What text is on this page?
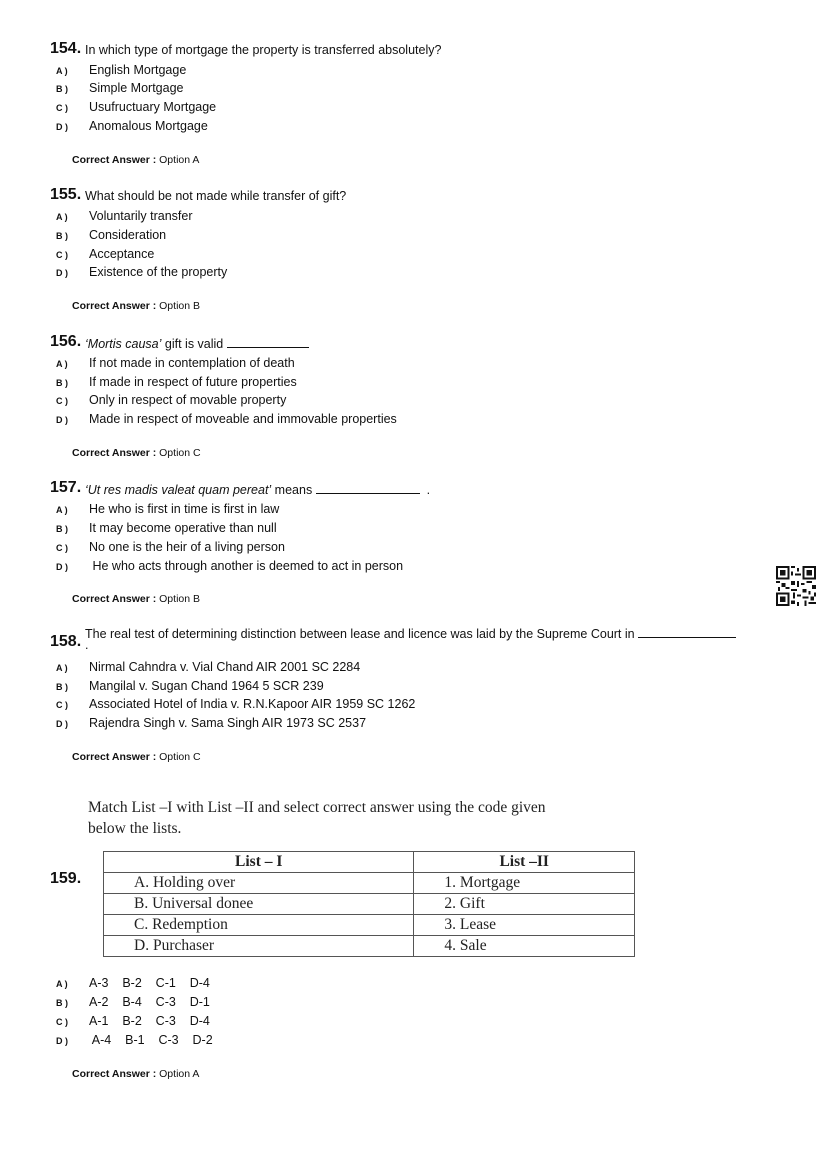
154. In which type of mortgage the property is transferred absolutely?
A ) English Mortgage
B ) Simple Mortgage
C ) Usufructuary Mortgage
D ) Anomalous Mortgage
Correct Answer : Option A
155. What should be not made while transfer of gift?
A ) Voluntarily transfer
B ) Consideration
C ) Acceptance
D ) Existence of the property
Correct Answer : Option B
156. ‘Mortis causa’ gift is valid
A ) If not made in contemplation of death
B ) If made in respect of future properties
C ) Only in respect of movable property
D ) Made in respect of moveable and immovable properties
Correct Answer : Option C
157. ‘Ut res madis valeat quam pereat’ means	.
A ) He who is first in time is first in law
B ) It may become operative than null
C ) No one is the heir of a living person
D ) He who acts through another is deemed to act in person
Correct Answer : Option B
158. The real test of determining distinction between lease and licence was laid by the Supreme Court in
.
A ) Nirmal Cahndra v. Vial Chand AIR 2001 SC 2284
B ) Mangilal v. Sugan Chand 1964 5 SCR 239
C ) Associated Hotel of India v. R.N.Kapoor AIR 1959 SC 1262
D ) Rajendra Singh v. Sama Singh AIR 1973 SC 2537
Correct Answer : Option C
159.
Match List –I with List –II and select correct answer using the code given
below the lists.
List – I	List –II
A. Holding over	1. Mortgage
B. Universal donee	2. Gift
C. Redemption	3. Lease
D. Purchaser	4. Sale
A ) A-3    B-2    C-1    D-4
B ) A-2    B-4    C-3    D-1
C ) A-1    B-2    C-3    D-4
D ) A-4    B-1    C-3    D-2
Correct Answer : Option A
